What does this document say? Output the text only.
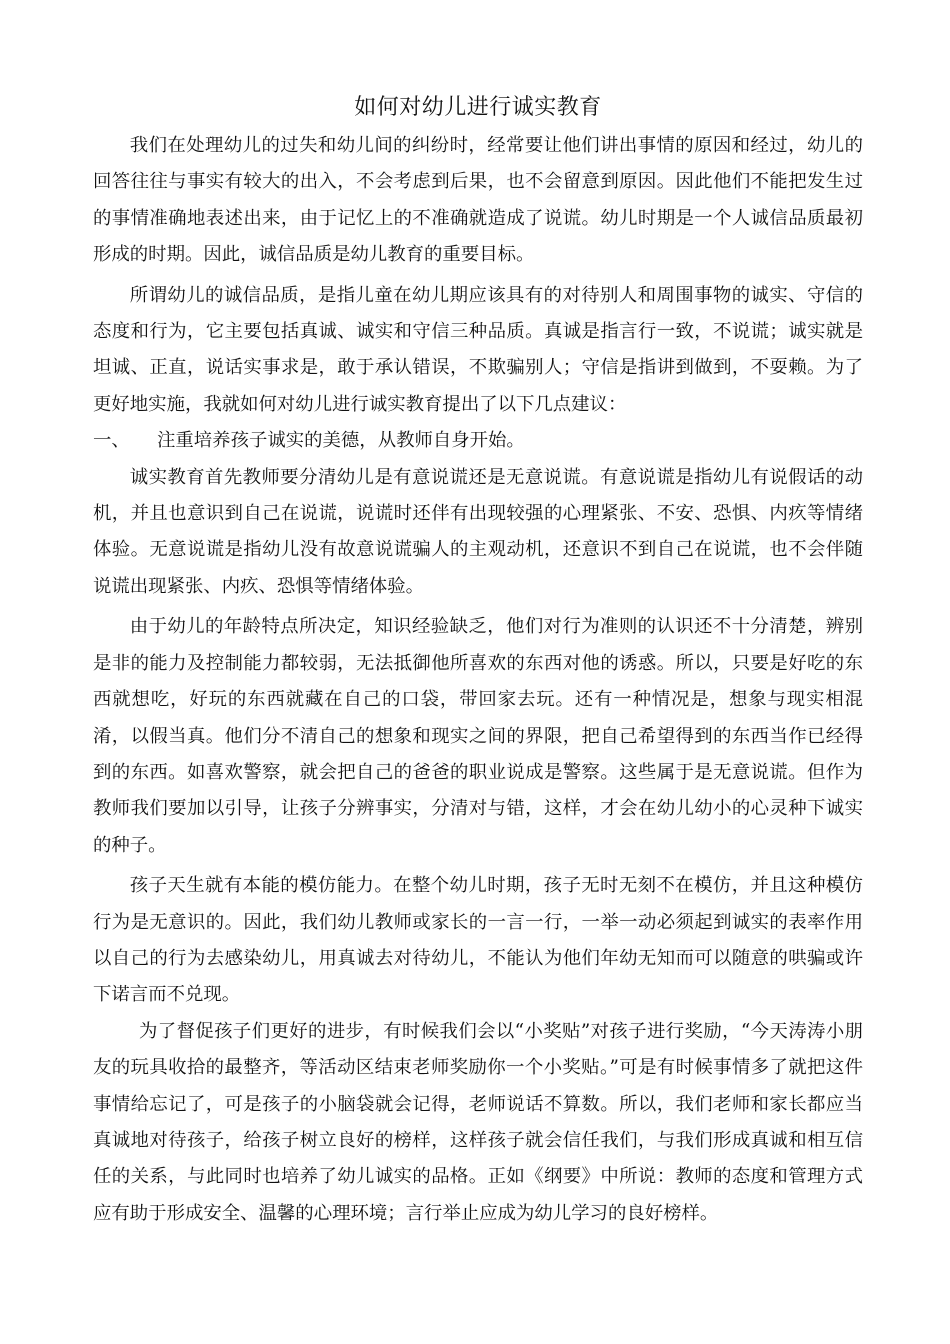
如何对幼儿进行诚实教育

我们在处理幼儿的过失和幼儿间的纠纷时，经常要让他们讲出事情的原因和经过，幼儿的回答往往与事实有较大的出入，不会考虑到后果，也不会留意到原因。因此他们不能把发生过的事情准确地表述出来，由于记忆上的不准确就造成了说谎。幼儿时期是一个人诚信品质最初形成的时期。因此，诚信品质是幼儿教育的重要目标。

所谓幼儿的诚信品质，是指儿童在幼儿期应该具有的对待别人和周围事物的诚实、守信的态度和行为，它主要包括真诚、诚实和守信三种品质。真诚是指言行一致，不说谎；诚实就是坦诚、正直，说话实事求是，敢于承认错误，不欺骗别人；守信是指讲到做到，不耍赖。为了更好地实施，我就如何对幼儿进行诚实教育提出了以下几点建议：

一、	注重培养孩子诚实的美德，从教师自身开始。

诚实教育首先教师要分清幼儿是有意说谎还是无意说谎。有意说谎是指幼儿有说假话的动机，并且也意识到自己在说谎，说谎时还伴有出现较强的心理紧张、不安、恐惧、内疚等情绪体验。无意说谎是指幼儿没有故意说谎骗人的主观动机，还意识不到自己在说谎，也不会伴随说谎出现紧张、内疚、恐惧等情绪体验。

由于幼儿的年龄特点所决定，知识经验缺乏，他们对行为准则的认识还不十分清楚，辨别是非的能力及控制能力都较弱，无法抵御他所喜欢的东西对他的诱惑。所以，只要是好吃的东西就想吃，好玩的东西就藏在自己的口袋，带回家去玩。还有一种情况是，想象与现实相混淆，以假当真。他们分不清自己的想象和现实之间的界限，把自己希望得到的东西当作已经得到的东西。如喜欢警察，就会把自己的爸爸的职业说成是警察。这些属于是无意说谎。但作为教师我们要加以引导，让孩子分辨事实，分清对与错，这样，才会在幼儿幼小的心灵种下诚实的种子。

孩子天生就有本能的模仿能力。在整个幼儿时期，孩子无时无刻不在模仿，并且这种模仿行为是无意识的。因此，我们幼儿教师或家长的一言一行，一举一动必须起到诚实的表率作用以自己的行为去感染幼儿，用真诚去对待幼儿，不能认为他们年幼无知而可以随意的哄骗或许下诺言而不兑现。

为了督促孩子们更好的进步，有时候我们会以“小奖贴”对孩子进行奖励，“今天涛涛小朋友的玩具收拾的最整齐，等活动区结束老师奖励你一个小奖贴。”可是有时候事情多了就把这件事情给忘记了，可是孩子的小脑袋就会记得，老师说话不算数。所以，我们老师和家长都应当真诚地对待孩子，给孩子树立良好的榜样，这样孩子就会信任我们，与我们形成真诚和相互信任的关系，与此同时也培养了幼儿诚实的品格。正如《纲要》中所说：教师的态度和管理方式应有助于形成安全、温馨的心理环境；言行举止应成为幼儿学习的良好榜样。
